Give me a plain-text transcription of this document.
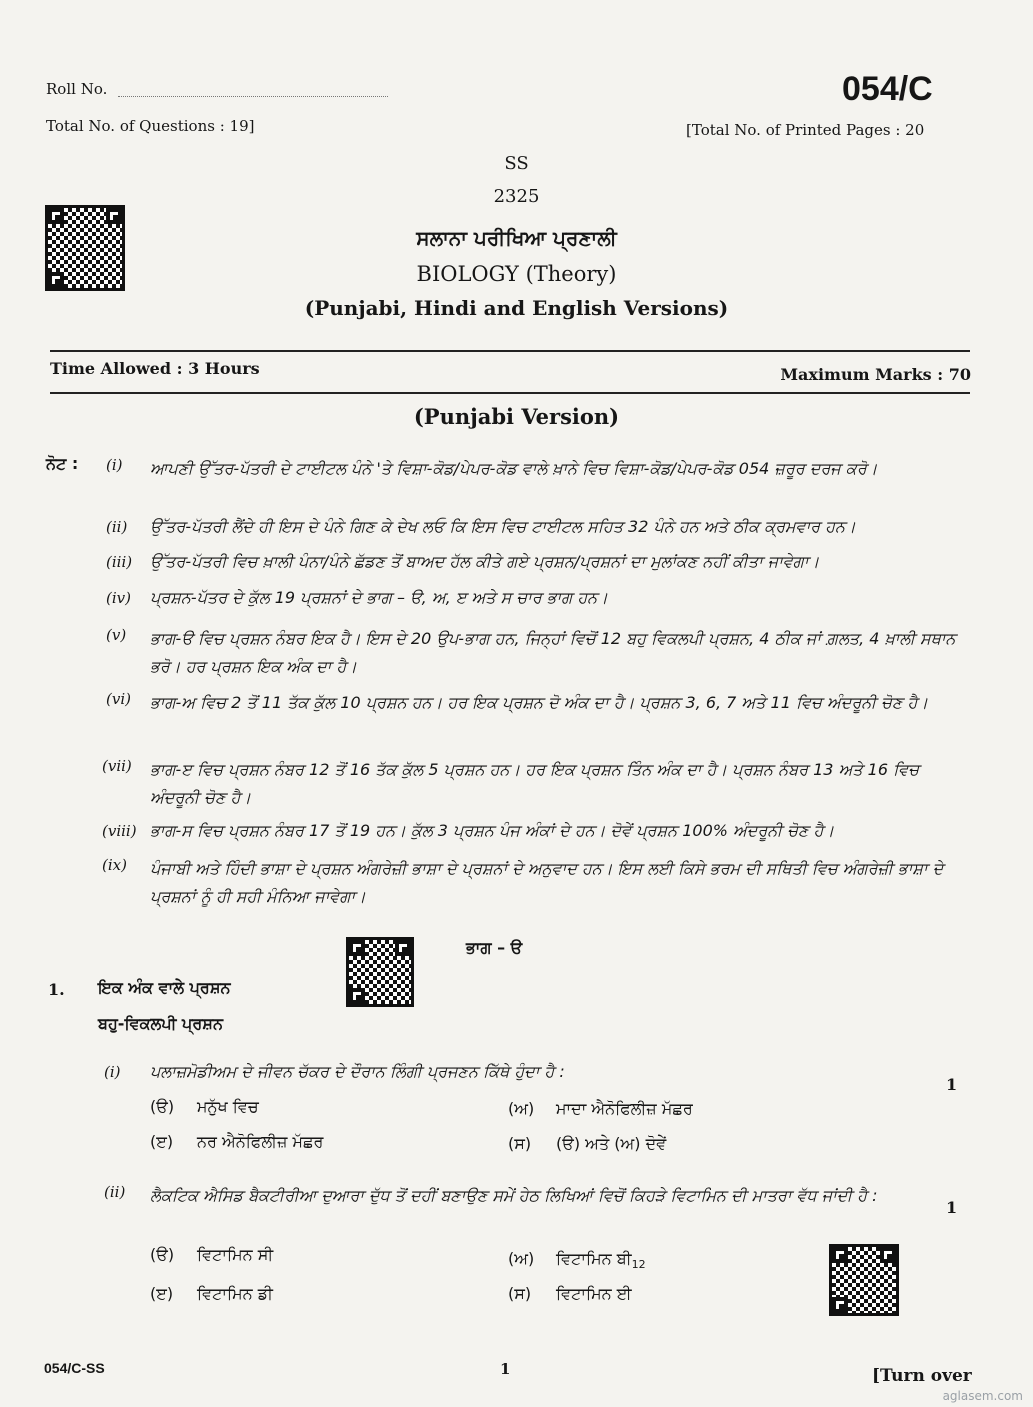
Roll No.	054/C
Total No. of Questions : 19]	[Total No. of Printed Pages : 20
SS
2325
ਸਲਾਨਾ ਪਰੀਖਿਆ ਪ੍ਰਣਾਲੀ
BIOLOGY (Theory)
(Punjabi, Hindi and English Versions)
Time Allowed : 3 Hours	Maximum Marks : 70
(Punjabi Version)
ਨੋਟ : (i) ਆਪਣੀ ਉੱਤਰ-ਪੱਤਰੀ ਦੇ ਟਾਈਟਲ ਪੰਨੇ 'ਤੇ ਵਿਸ਼ਾ-ਕੋਡ/ਪੇਪਰ-ਕੋਡ ਵਾਲੇ ਖ਼ਾਨੇ ਵਿਚ ਵਿਸ਼ਾ-ਕੋਡ/ਪੇਪਰ-ਕੋਡ 054 ਜ਼ਰੂਰ ਦਰਜ ਕਰੋ।
(ii) ਉੱਤਰ-ਪੱਤਰੀ ਲੈਂਦੇ ਹੀ ਇਸ ਦੇ ਪੰਨੇ ਗਿਣ ਕੇ ਦੇਖ ਲਓ ਕਿ ਇਸ ਵਿਚ ਟਾਈਟਲ ਸਹਿਤ 32 ਪੰਨੇ ਹਨ ਅਤੇ ਠੀਕ ਕ੍ਰਮਵਾਰ ਹਨ।
(iii) ਉੱਤਰ-ਪੱਤਰੀ ਵਿਚ ਖ਼ਾਲੀ ਪੰਨਾ/ਪੰਨੇ ਛੱਡਣ ਤੋਂ ਬਾਅਦ ਹੱਲ ਕੀਤੇ ਗਏ ਪ੍ਰਸ਼ਨ/ਪ੍ਰਸ਼ਨਾਂ ਦਾ ਮੁਲਾਂਕਣ ਨਹੀਂ ਕੀਤਾ ਜਾਵੇਗਾ।
(iv) ਪ੍ਰਸ਼ਨ-ਪੱਤਰ ਦੇ ਕੁੱਲ 19 ਪ੍ਰਸ਼ਨਾਂ ਦੇ ਭਾਗ – ੳ, ਅ, ੲ ਅਤੇ ਸ ਚਾਰ ਭਾਗ ਹਨ।
(v) ਭਾਗ-ੳ ਵਿਚ ਪ੍ਰਸ਼ਨ ਨੰਬਰ ਇਕ ਹੈ। ਇਸ ਦੇ 20 ਉਪ-ਭਾਗ ਹਨ, ਜਿਨ੍ਹਾਂ ਵਿਚੋਂ 12 ਬਹੁ ਵਿਕਲਪੀ ਪ੍ਰਸ਼ਨ, 4 ਠੀਕ ਜਾਂ ਗ਼ਲਤ, 4 ਖ਼ਾਲੀ ਸਥਾਨ ਭਰੋ। ਹਰ ਪ੍ਰਸ਼ਨ ਇਕ ਅੰਕ ਦਾ ਹੈ।
(vi) ਭਾਗ-ਅ ਵਿਚ 2 ਤੋਂ 11 ਤੱਕ ਕੁੱਲ 10 ਪ੍ਰਸ਼ਨ ਹਨ। ਹਰ ਇਕ ਪ੍ਰਸ਼ਨ ਦੋ ਅੰਕ ਦਾ ਹੈ। ਪ੍ਰਸ਼ਨ 3, 6, 7 ਅਤੇ 11 ਵਿਚ ਅੰਦਰੂਨੀ ਚੋਣ ਹੈ।
(vii) ਭਾਗ-ੲ ਵਿਚ ਪ੍ਰਸ਼ਨ ਨੰਬਰ 12 ਤੋਂ 16 ਤੱਕ ਕੁੱਲ 5 ਪ੍ਰਸ਼ਨ ਹਨ। ਹਰ ਇਕ ਪ੍ਰਸ਼ਨ ਤਿੰਨ ਅੰਕ ਦਾ ਹੈ। ਪ੍ਰਸ਼ਨ ਨੰਬਰ 13 ਅਤੇ 16 ਵਿਚ ਅੰਦਰੂਨੀ ਚੋਣ ਹੈ।
(viii) ਭਾਗ-ਸ ਵਿਚ ਪ੍ਰਸ਼ਨ ਨੰਬਰ 17 ਤੋਂ 19 ਹਨ। ਕੁੱਲ 3 ਪ੍ਰਸ਼ਨ ਪੰਜ ਅੰਕਾਂ ਦੇ ਹਨ। ਦੋਵੇਂ ਪ੍ਰਸ਼ਨ 100% ਅੰਦਰੂਨੀ ਚੋਣ ਹੈ।
(ix) ਪੰਜਾਬੀ ਅਤੇ ਹਿੰਦੀ ਭਾਸ਼ਾ ਦੇ ਪ੍ਰਸ਼ਨ ਅੰਗਰੇਜ਼ੀ ਭਾਸ਼ਾ ਦੇ ਪ੍ਰਸ਼ਨਾਂ ਦੇ ਅਨੁਵਾਦ ਹਨ। ਇਸ ਲਈ ਕਿਸੇ ਭਰਮ ਦੀ ਸਥਿਤੀ ਵਿਚ ਅੰਗਰੇਜ਼ੀ ਭਾਸ਼ਾ ਦੇ ਪ੍ਰਸ਼ਨਾਂ ਨੂੰ ਹੀ ਸਹੀ ਮੰਨਿਆ ਜਾਵੇਗਾ।
ਭਾਗ – ੳ
1. ਇਕ ਅੰਕ ਵਾਲੇ ਪ੍ਰਸ਼ਨ
ਬਹੁ-ਵਿਕਲਪੀ ਪ੍ਰਸ਼ਨ
(i) ਪਲਾਜ਼ਮੋਡੀਅਮ ਦੇ ਜੀਵਨ ਚੱਕਰ ਦੇ ਦੌਰਾਨ ਲਿੰਗੀ ਪ੍ਰਜਣਨ ਕਿੱਥੇ ਹੁੰਦਾ ਹੈ :
1
(ੳ) ਮਨੁੱਖ ਵਿਚ	(ਅ) ਮਾਦਾ ਐਨੋਫਿਲੀਜ਼ ਮੱਛਰ
(ੲ) ਨਰ ਐਨੋਫਿਲੀਜ਼ ਮੱਛਰ	(ਸ) (ੳ) ਅਤੇ (ਅ) ਦੋਵੇਂ
(ii) ਲੈਕਟਿਕ ਐਸਿਡ ਬੈਕਟੀਰੀਆ ਦੁਆਰਾ ਦੁੱਧ ਤੋਂ ਦਹੀਂ ਬਣਾਉਣ ਸਮੇਂ ਹੇਠ ਲਿਖਿਆਂ ਵਿਚੋਂ ਕਿਹੜੇ ਵਿਟਾਮਿਨ ਦੀ ਮਾਤਰਾ ਵੱਧ ਜਾਂਦੀ ਹੈ :
1
(ੳ) ਵਿਟਾਮਿਨ ਸੀ	(ਅ) ਵਿਟਾਮਿਨ $ਬੀ_{12}$
(ੲ) ਵਿਟਾਮਿਨ ਡੀ	(ਸ) ਵਿਟਾਮਿਨ ਈ
054/C-SS	1	[Turn over
aglasem.com
